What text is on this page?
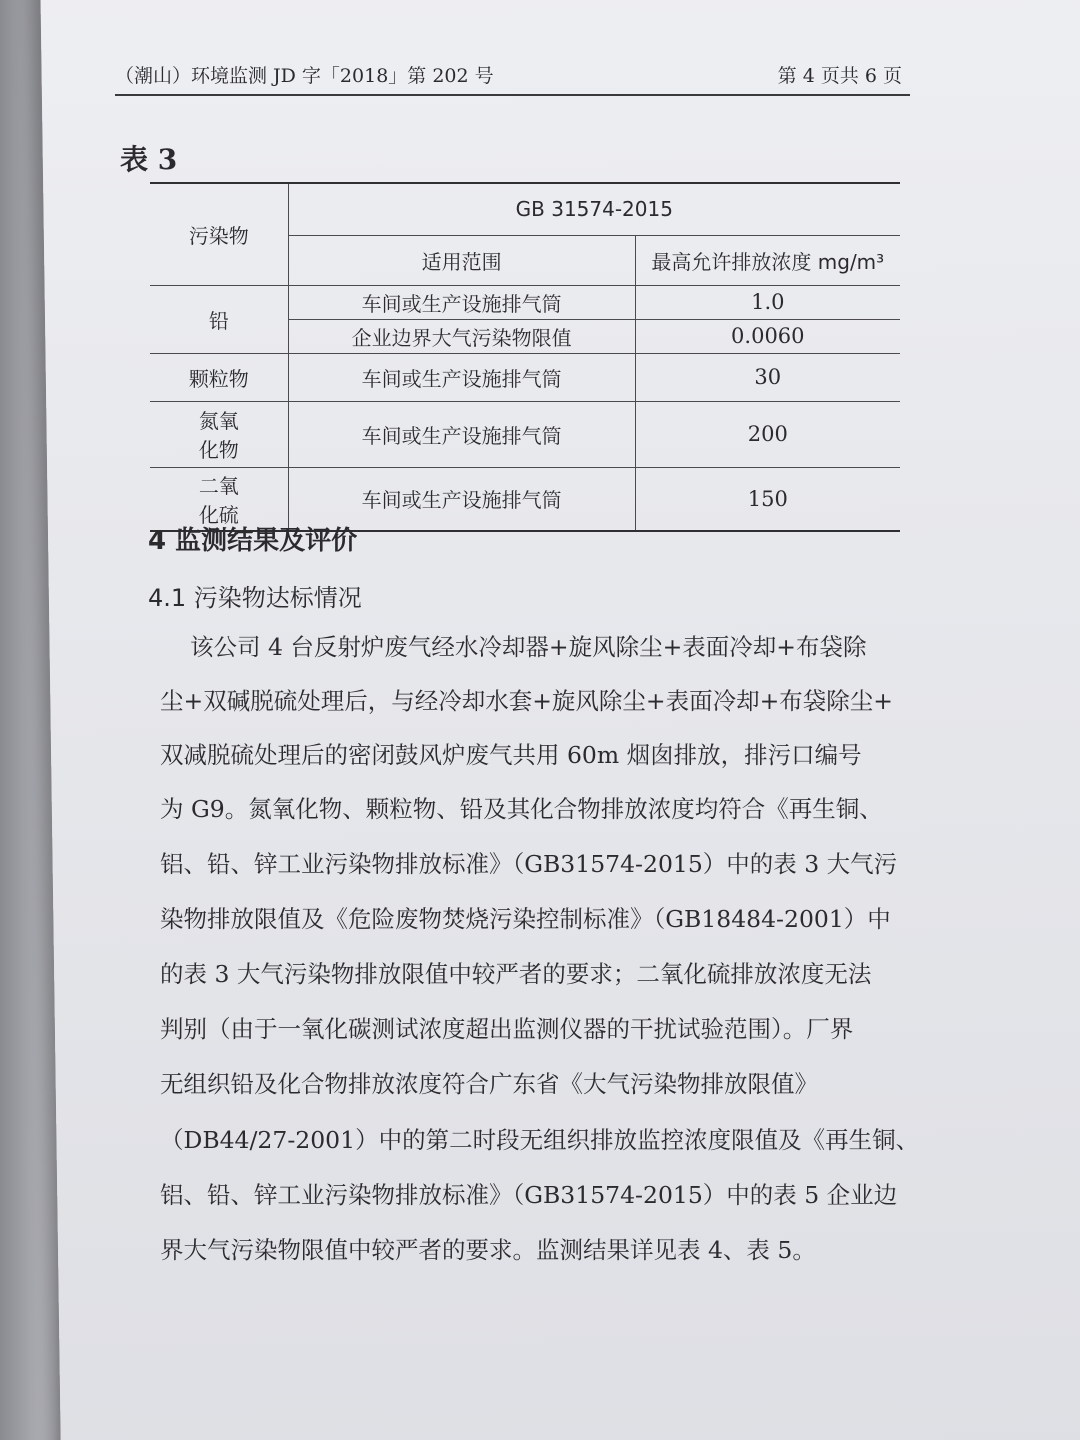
（潮山）环境监测 JD 字「2018」第 202 号	第 4 页共 6 页
表 3
污染物	GB 31574-2015	
	适用范围	最高允许排放浓度 mg/m³
铅	车间或生产设施排气筒	1.0
	企业边界大气污染物限值	0.0060
颗粒物	车间或生产设施排气筒	30
氮氧
化物	车间或生产设施排气筒	200
二氧
化硫	车间或生产设施排气筒	150
4 监测结果及评价
4.1 污染物达标情况
该公司 4 台反射炉废气经水冷却器+旋风除尘+表面冷却+布袋除
尘+双碱脱硫处理后，与经冷却水套+旋风除尘+表面冷却+布袋除尘+
双减脱硫处理后的密闭鼓风炉废气共用 60m 烟囱排放，排污口编号
为 G9。氮氧化物、颗粒物、铅及其化合物排放浓度均符合《再生铜、
铝、铅、锌工业污染物排放标准》（GB31574-2015）中的表 3 大气污
染物排放限值及《危险废物焚烧污染控制标准》（GB18484-2001）中
的表 3 大气污染物排放限值中较严者的要求；二氧化硫排放浓度无法
判别（由于一氧化碳测试浓度超出监测仪器的干扰试验范围）。厂界
无组织铅及化合物排放浓度符合广东省《大气污染物排放限值》
（DB44/27-2001）中的第二时段无组织排放监控浓度限值及《再生铜、
铝、铅、锌工业污染物排放标准》（GB31574-2015）中的表 5 企业边
界大气污染物限值中较严者的要求。监测结果详见表 4、表 5。
